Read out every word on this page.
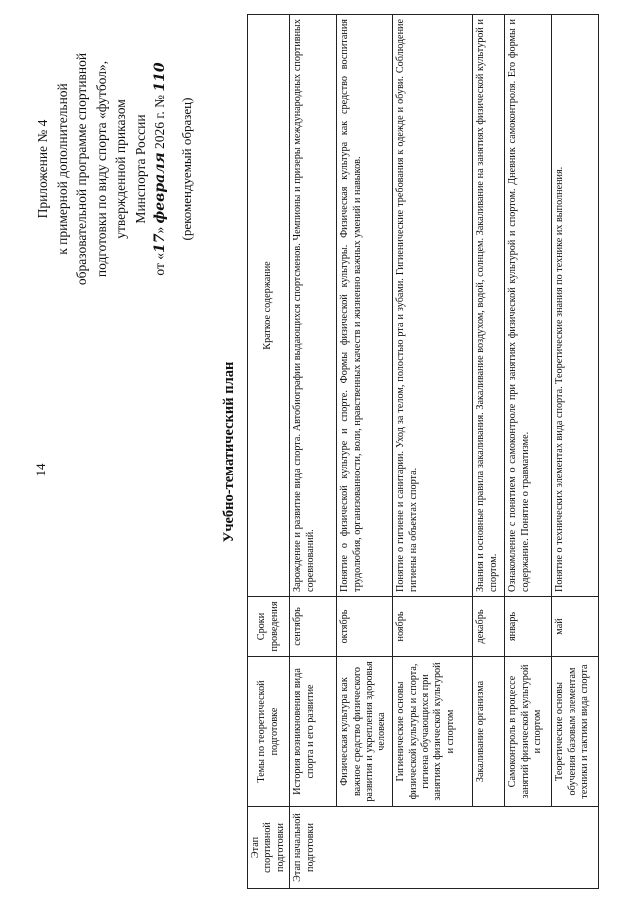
14
Приложение № 4 к примерной дополнительной образовательной программе спортивной подготовки по виду спорта «футбол», утвержденной приказом Минспорта России
от «17» февраля 2026 г. № 110
(рекомендуемый образец)
Учебно-тематический план
Этап спортивной подготовки	Темы по теоретической подготовке	Сроки проведения	Краткое содержание
Этап начальной подготовки	История возникновения вида спорта и его развитие	сентябрь	Зарождение и развитие вида спорта. Автобиографии выдающихся спортсменов. Чемпионы и призеры международных спортивных соревнований.
	Физическая культура как важное средство физического развития и укрепления здоровья человека	октябрь	Понятие о физической культуре и спорте. Формы физической культуры. Физическая культура как средство воспитания трудолюбия, организованности, воли, нравственных качеств и жизненно важных умений и навыков.
	Гигиенические основы физической культуры и спорта, гигиена обучающихся при занятиях физической культурой и спортом	ноябрь	Понятие о гигиене и санитарии. Уход за телом, полостью рта и зубами. Гигиенические требования к одежде и обуви. Соблюдение гигиены на объектах спорта.
	Закаливание организма	декабрь	Знания и основные правила закаливания. Закаливание воздухом, водой, солнцем. Закаливание на занятиях физической культурой и спортом.
	Самоконтроль в процессе занятий физической культурой и спортом	январь	Ознакомление с понятием о самоконтроле при занятиях физической культурой и спортом. Дневник самоконтроля. Его формы и содержание. Понятие о травматизме.
	Теоретические основы обучения базовым элементам техники и тактики вида спорта	май	Понятие о технических элементах вида спорта. Теоретические знания по технике их выполнения.
